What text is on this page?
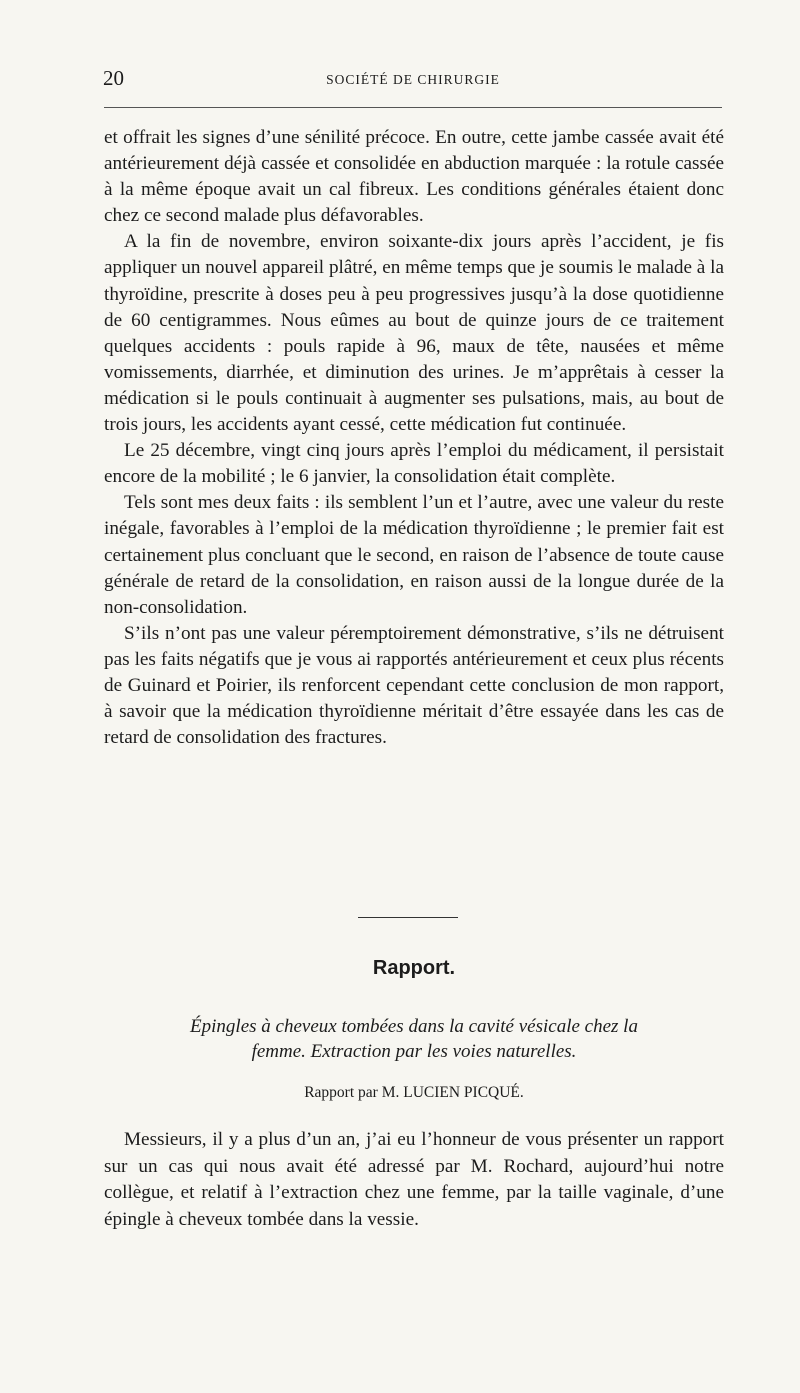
20	SOCIÉTÉ DE CHIRURGIE

et offrait les signes d’une sénilité précoce. En outre, cette jambe cassée avait été antérieurement déjà cassée et consolidée en abduction marquée : la rotule cassée à la même époque avait un cal fibreux. Les conditions générales étaient donc chez ce second malade plus défavorables.

A la fin de novembre, environ soixante-dix jours après l’accident, je fis appliquer un nouvel appareil plâtré, en même temps que je soumis le malade à la thyroïdine, prescrite à doses peu à peu progressives jusqu’à la dose quotidienne de 60 centigrammes. Nous eûmes au bout de quinze jours de ce traitement quelques accidents : pouls rapide à 96, maux de tête, nausées et même vomissements, diarrhée, et diminution des urines. Je m’apprêtais à cesser la médication si le pouls continuait à augmenter ses pulsations, mais, au bout de trois jours, les accidents ayant cessé, cette médication fut continuée.

Le 25 décembre, vingt cinq jours après l’emploi du médicament, il persistait encore de la mobilité ; le 6 janvier, la consolidation était complète.

Tels sont mes deux faits : ils semblent l’un et l’autre, avec une valeur du reste inégale, favorables à l’emploi de la médication thyroïdienne ; le premier fait est certainement plus concluant que le second, en raison de l’absence de toute cause générale de retard de la consolidation, en raison aussi de la longue durée de la non-consolidation.

S’ils n’ont pas une valeur péremptoirement démonstrative, s’ils ne détruisent pas les faits négatifs que je vous ai rapportés antérieurement et ceux plus récents de Guinard et Poirier, ils renforcent cependant cette conclusion de mon rapport, à savoir que la médication thyroïdienne méritait d’être essayée dans les cas de retard de consolidation des fractures.

Rapport.
Épingles à cheveux tombées dans la cavité vésicale chez la
femme. Extraction par les voies naturelles.
Rapport par M. LUCIEN PICQUÉ.

Messieurs, il y a plus d’un an, j’ai eu l’honneur de vous présenter un rapport sur un cas qui nous avait été adressé par M. Rochard, aujourd’hui notre collègue, et relatif à l’extraction chez une femme, par la taille vaginale, d’une épingle à cheveux tombée dans la vessie.
